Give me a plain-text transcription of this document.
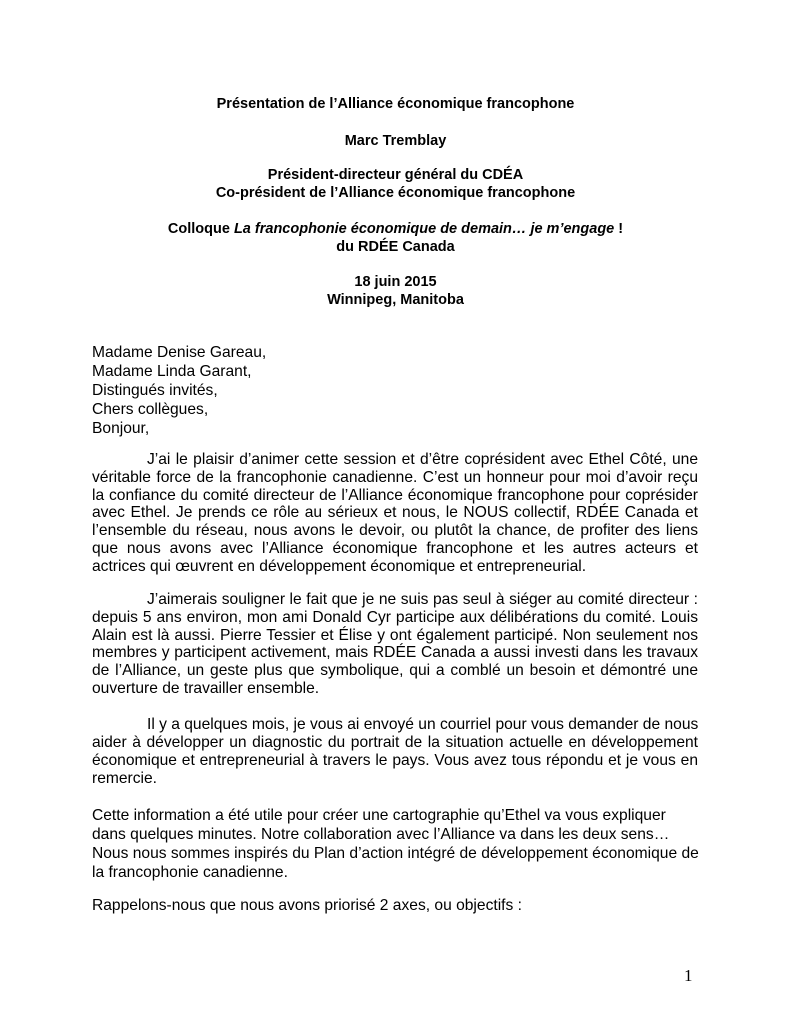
Présentation de l’Alliance économique francophone
Marc Tremblay
Président-directeur général du CDÉA
Co-président de l’Alliance économique francophone
Colloque La francophonie économique de demain… je m’engage !
du RDÉE Canada
18 juin 2015
Winnipeg, Manitoba
Madame Denise Gareau,
Madame Linda Garant,
Distingués invités,
Chers collègues,
Bonjour,
J’ai le plaisir d’animer cette session et d’être coprésident avec Ethel Côté, une
véritable force de la francophonie canadienne. C’est un honneur pour moi d’avoir reçu
la confiance du comité directeur de l’Alliance économique francophone pour coprésider
avec Ethel. Je prends ce rôle au sérieux et nous, le NOUS collectif, RDÉE Canada et
l’ensemble du réseau, nous avons le devoir, ou plutôt la chance, de profiter des liens
que nous avons avec l’Alliance économique francophone et les autres acteurs et
actrices qui œuvrent en développement économique et entrepreneurial.
J’aimerais souligner le fait que je ne suis pas seul à siéger au comité directeur :
depuis 5 ans environ, mon ami Donald Cyr participe aux délibérations du comité. Louis
Alain est là aussi. Pierre Tessier et Élise y ont également participé. Non seulement nos
membres y participent activement, mais RDÉE Canada a aussi investi dans les travaux
de l’Alliance, un geste plus que symbolique, qui a comblé un besoin et démontré une
ouverture de travailler ensemble.
Il y a quelques mois, je vous ai envoyé un courriel pour vous demander de nous
aider à développer un diagnostic du portrait de la situation actuelle en développement
économique et entrepreneurial à travers le pays. Vous avez tous répondu et je vous en
remercie.
Cette information a été utile pour créer une cartographie qu’Ethel va vous expliquer
dans quelques minutes. Notre collaboration avec l’Alliance va dans les deux sens…
Nous nous sommes inspirés du Plan d’action intégré de développement économique de
la francophonie canadienne.
Rappelons-nous que nous avons priorisé 2 axes, ou objectifs :
1
